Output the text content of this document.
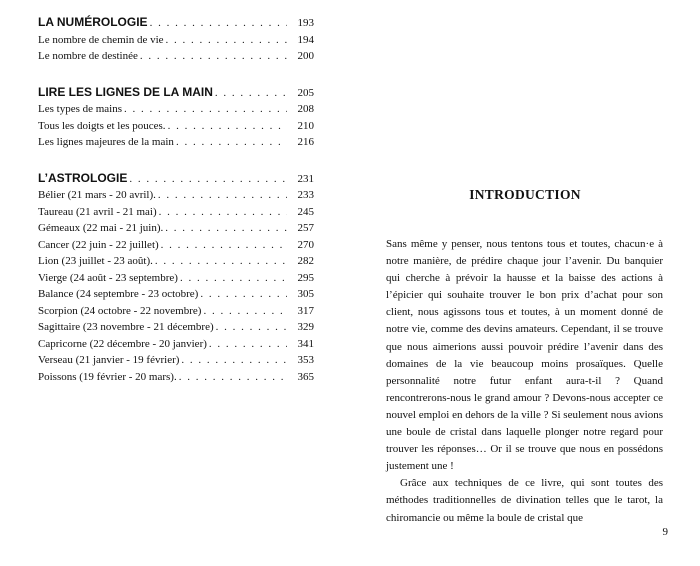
LA NUMÉROLOGIE . . .	193
Le nombre de chemin de vie . . .	194
Le nombre de destinée . . .	200
LIRE LES LIGNES DE LA MAIN . . .	205
Les types de mains . . .	208
Tous les doigts et les pouces. . . .	210
Les lignes majeures de la main . . .	216
L’ASTROLOGIE . . .	231
Bélier (21 mars - 20 avril). . . .	233
Taureau (21 avril - 21 mai) . . .	245
Gémeaux (22 mai - 21 juin). . . .	257
Cancer (22 juin - 22 juillet) . . .	270
Lion (23 juillet - 23 août). . . .	282
Vierge (24 août - 23 septembre) . . .	295
Balance (24 septembre - 23 octobre) . . .	305
Scorpion (24 octobre - 22 novembre) . . .	317
Sagittaire (23 novembre - 21 décembre) . . .	329
Capricorne (22 décembre - 20 janvier) . . .	341
Verseau (21 janvier - 19 février) . . .	353
Poissons (19 février - 20 mars). . . .	365
INTRODUCTION

Sans même y penser, nous tentons tous et toutes, chacun·e à notre manière, de prédire chaque jour l’avenir. Du banquier qui cherche à prévoir la hausse et la baisse des actions à l’épicier qui souhaite trouver le bon prix d’achat pour son client, nous agissons tous et toutes, à un moment donné de notre vie, comme des devins amateurs. Cependant, il se trouve que nous aimerions aussi pouvoir prédire l’avenir dans des domaines de la vie beaucoup moins prosaïques. Quelle personnalité notre futur enfant aura-t-il ? Quand rencontrerons-nous le grand amour ? Devons-nous accepter ce nouvel emploi en dehors de la ville ? Si seulement nous avions une boule de cristal dans laquelle plonger notre regard pour trouver les réponses… Or il se trouve que nous en possédons justement une !

Grâce aux techniques de ce livre, qui sont toutes des méthodes traditionnelles de divination telles que le tarot, la chiromancie ou même la boule de cristal que

9
